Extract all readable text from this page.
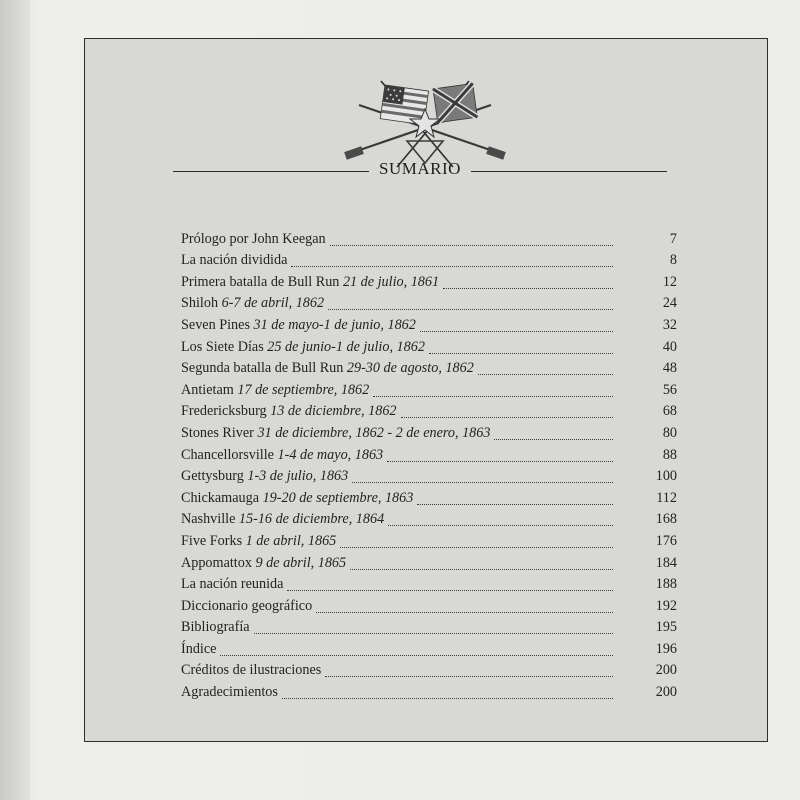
SUMARIO
Prólogo por John Keegan	7
La nación dividida	8
Primera batalla de Bull Run 21 de julio, 1861	12
Shiloh 6-7 de abril, 1862	24
Seven Pines 31 de mayo-1 de junio, 1862	32
Los Siete Días 25 de junio-1 de julio, 1862	40
Segunda batalla de Bull Run 29-30 de agosto, 1862	48
Antietam 17 de septiembre, 1862	56
Fredericksburg 13 de diciembre, 1862	68
Stones River 31 de diciembre, 1862 - 2 de enero, 1863	80
Chancellorsville 1-4 de mayo, 1863	88
Gettysburg 1-3 de julio, 1863	100
Chickamauga 19-20 de septiembre, 1863	112
Nashville 15-16 de diciembre, 1864	168
Five Forks 1 de abril, 1865	176
Appomattox 9 de abril, 1865	184
La nación reunida	188
Diccionario geográfico	192
Bibliografía	195
Índice	196
Créditos de ilustraciones	200
Agradecimientos	200
